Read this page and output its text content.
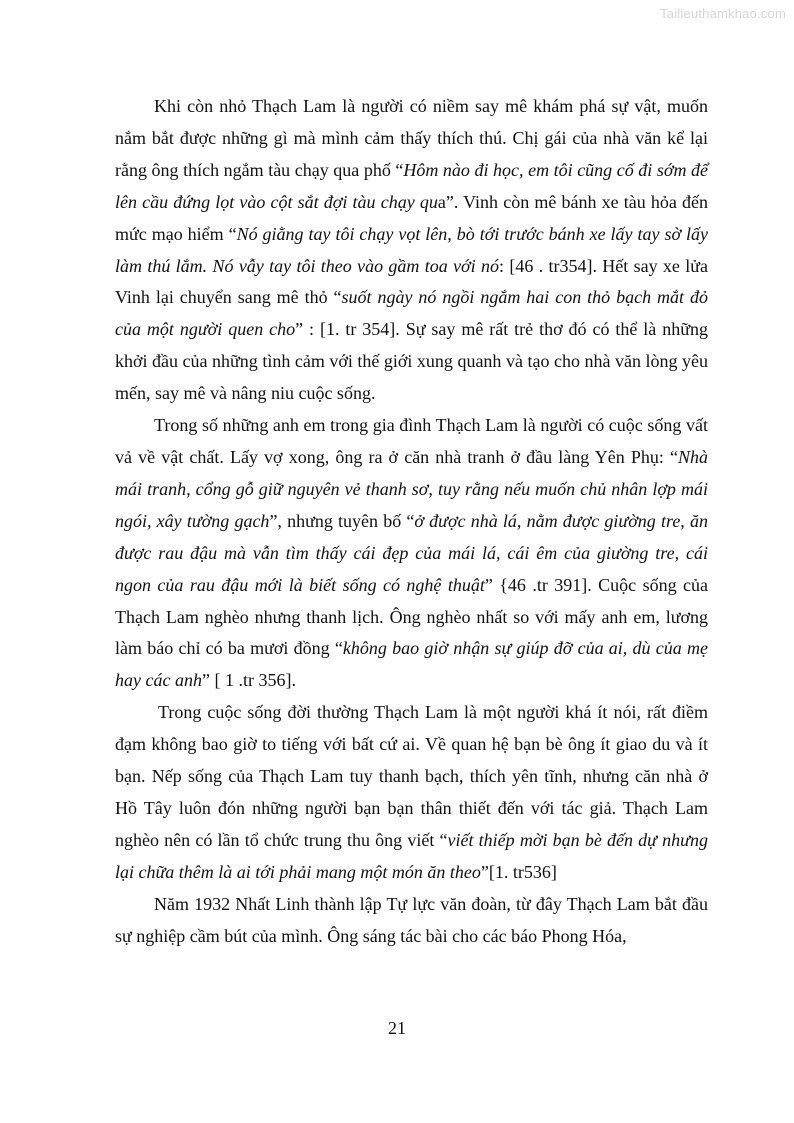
Tailieuthamkhao.com

Khi còn nhỏ Thạch Lam là người có niềm say mê khám phá sự vật, muốn nắm bắt được những gì mà mình cảm thấy thích thú. Chị gái của nhà văn kể lại rằng ông thích ngắm tàu chạy qua phố “Hôm nào đi học, em tôi cũng cố đi sớm để lên cầu đứng lọt vào cột sắt đợi tàu chạy qua”. Vinh còn mê bánh xe tàu hỏa đến mức mạo hiểm “Nó giằng tay tôi chạy vọt lên, bò tới trước bánh xe lấy tay sờ lấy làm thú lắm. Nó vẫy tay tôi theo vào gầm toa với nó: [46 . tr354]. Hết say xe lửa Vinh lại chuyển sang mê thỏ “suốt ngày nó ngồi ngắm hai con thỏ bạch mắt đỏ của một người quen cho” : [1. tr 354]. Sự say mê rất trẻ thơ đó có thể là những khởi đầu của những tình cảm với thế giới xung quanh và tạo cho nhà văn lòng yêu mến, say mê và nâng niu cuộc sống.

Trong số những anh em trong gia đình Thạch Lam là người có cuộc sống vất vả về vật chất. Lấy vợ xong, ông ra ở căn nhà tranh ở đầu làng Yên Phụ: “Nhà mái tranh, cổng gỗ giữ nguyên vẻ thanh sơ, tuy rằng nếu muốn chủ nhân lợp mái ngói, xây tường gạch”, nhưng tuyên bố “ở được nhà lá, nằm được giường tre, ăn được rau đậu mà vẫn tìm thấy cái đẹp của mái lá, cái êm của giường tre, cái ngon của rau đậu mới là biết sống có nghệ thuật” {46 .tr 391]. Cuộc sống của Thạch Lam nghèo nhưng thanh lịch. Ông nghèo nhất so với mấy anh em, lương làm báo chỉ có ba mươi đồng “không bao giờ nhận sự giúp đỡ của ai, dù của mẹ hay các anh” [ 1 .tr 356].

Trong cuộc sống đời thường Thạch Lam là một người khá ít nói, rất điềm đạm không bao giờ to tiếng với bất cứ ai. Về quan hệ bạn bè ông ít giao du và ít bạn. Nếp sống của Thạch Lam tuy thanh bạch, thích yên tĩnh, nhưng căn nhà ở Hồ Tây luôn đón những người bạn bạn thân thiết đến với tác giả. Thạch Lam nghèo nên có lần tổ chức trung thu ông viết “viết thiếp mời bạn bè đến dự nhưng lại chữa thêm là ai tới phải mang một món ăn theo”[1. tr536]

Năm 1932 Nhất Linh thành lập Tự lực văn đoàn, từ đây Thạch Lam bắt đầu sự nghiệp cầm bút của mình. Ông sáng tác bài cho các báo Phong Hóa,

21
